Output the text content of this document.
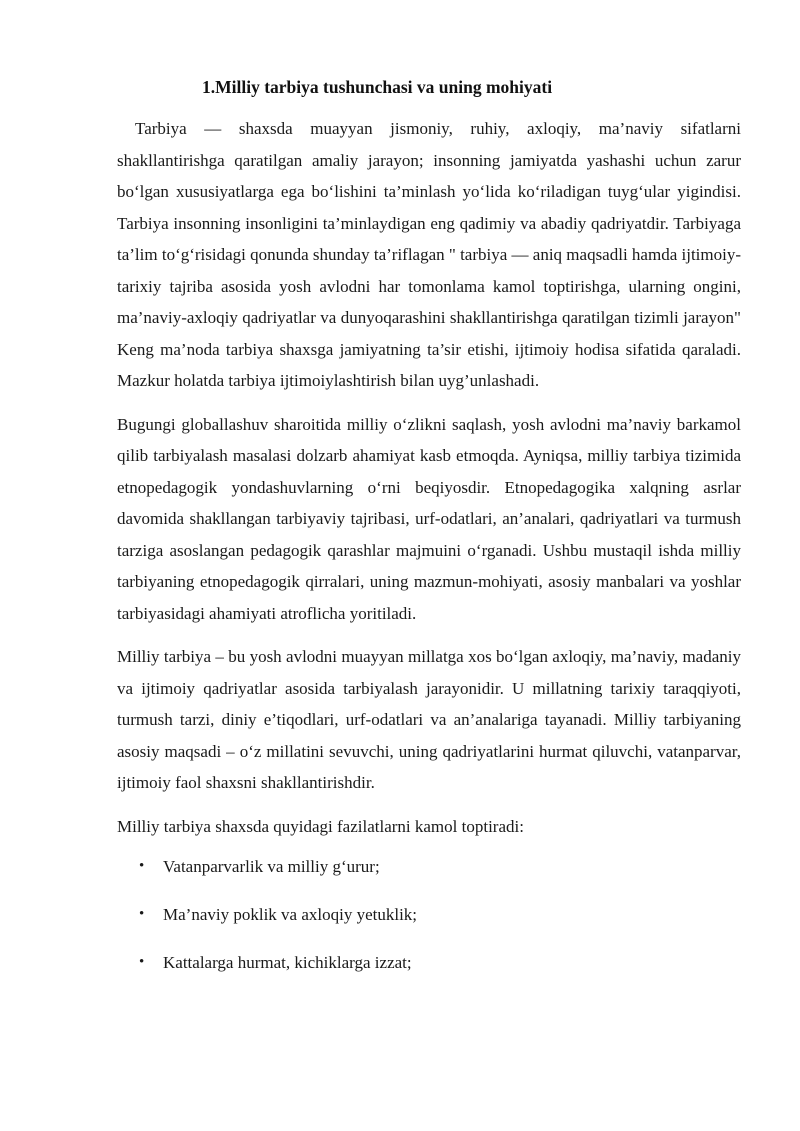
1.Milliy tarbiya tushunchasi va uning mohiyati

Tarbiya — shaxsda muayyan jismoniy, ruhiy, axloqiy, ma’naviy sifatlarni shakllantirishga qaratilgan amaliy jarayon; insonning jamiyatda yashashi uchun zarur bo‘lgan xususiyatlarga ega bo‘lishini ta’minlash yo‘lida ko‘riladigan tuyg‘ular yigindisi. Tarbiya insonning insonligini ta’minlaydigan eng qadimiy va abadiy qadriyatdir. Tarbiyaga ta’lim to‘g‘risidagi qonunda shunday ta’riflagan " tarbiya — aniq maqsadli hamda ijtimoiy-tarixiy tajriba asosida yosh avlodni har tomonlama kamol toptirishga, ularning ongini, ma’naviy-axloqiy qadriyatlar va dunyoqarashini shakllantirishga qaratilgan tizimli jarayon" Keng ma’noda tarbiya shaxsga jamiyatning ta’sir etishi, ijtimoiy hodisa sifatida qaraladi. Mazkur holatda tarbiya ijtimoiylashtirish bilan uyg’unlashadi.

Bugungi globallashuv sharoitida milliy o‘zlikni saqlash, yosh avlodni ma’naviy barkamol qilib tarbiyalash masalasi dolzarb ahamiyat kasb etmoqda. Ayniqsa, milliy tarbiya tizimida etnopedagogik yondashuvlarning o‘rni beqiyosdir. Etnopedagogika xalqning asrlar davomida shakllangan tarbiyaviy tajribasi, urf-odatlari, an’analari, qadriyatlari va turmush tarziga asoslangan pedagogik qarashlar majmuini o‘rganadi. Ushbu mustaqil ishda milliy tarbiyaning etnopedagogik qirralari, uning mazmun-mohiyati, asosiy manbalari va yoshlar tarbiyasidagi ahamiyati atroflicha yoritiladi.

Milliy tarbiya – bu yosh avlodni muayyan millatga xos bo‘lgan axloqiy, ma’naviy, madaniy va ijtimoiy qadriyatlar asosida tarbiyalash jarayonidir. U millatning tarixiy taraqqiyoti, turmush tarzi, diniy e’tiqodlari, urf-odatlari va an’analariga tayanadi. Milliy tarbiyaning asosiy maqsadi – o‘z millatini sevuvchi, uning qadriyatlarini hurmat qiluvchi, vatanparvar, ijtimoiy faol shaxsni shakllantirishdir.

Milliy tarbiya shaxsda quyidagi fazilatlarni kamol toptiradi:

• Vatanparvarlik va milliy g‘urur;
• Ma’naviy poklik va axloqiy yetuklik;
• Kattalarga hurmat, kichiklarga izzat;
